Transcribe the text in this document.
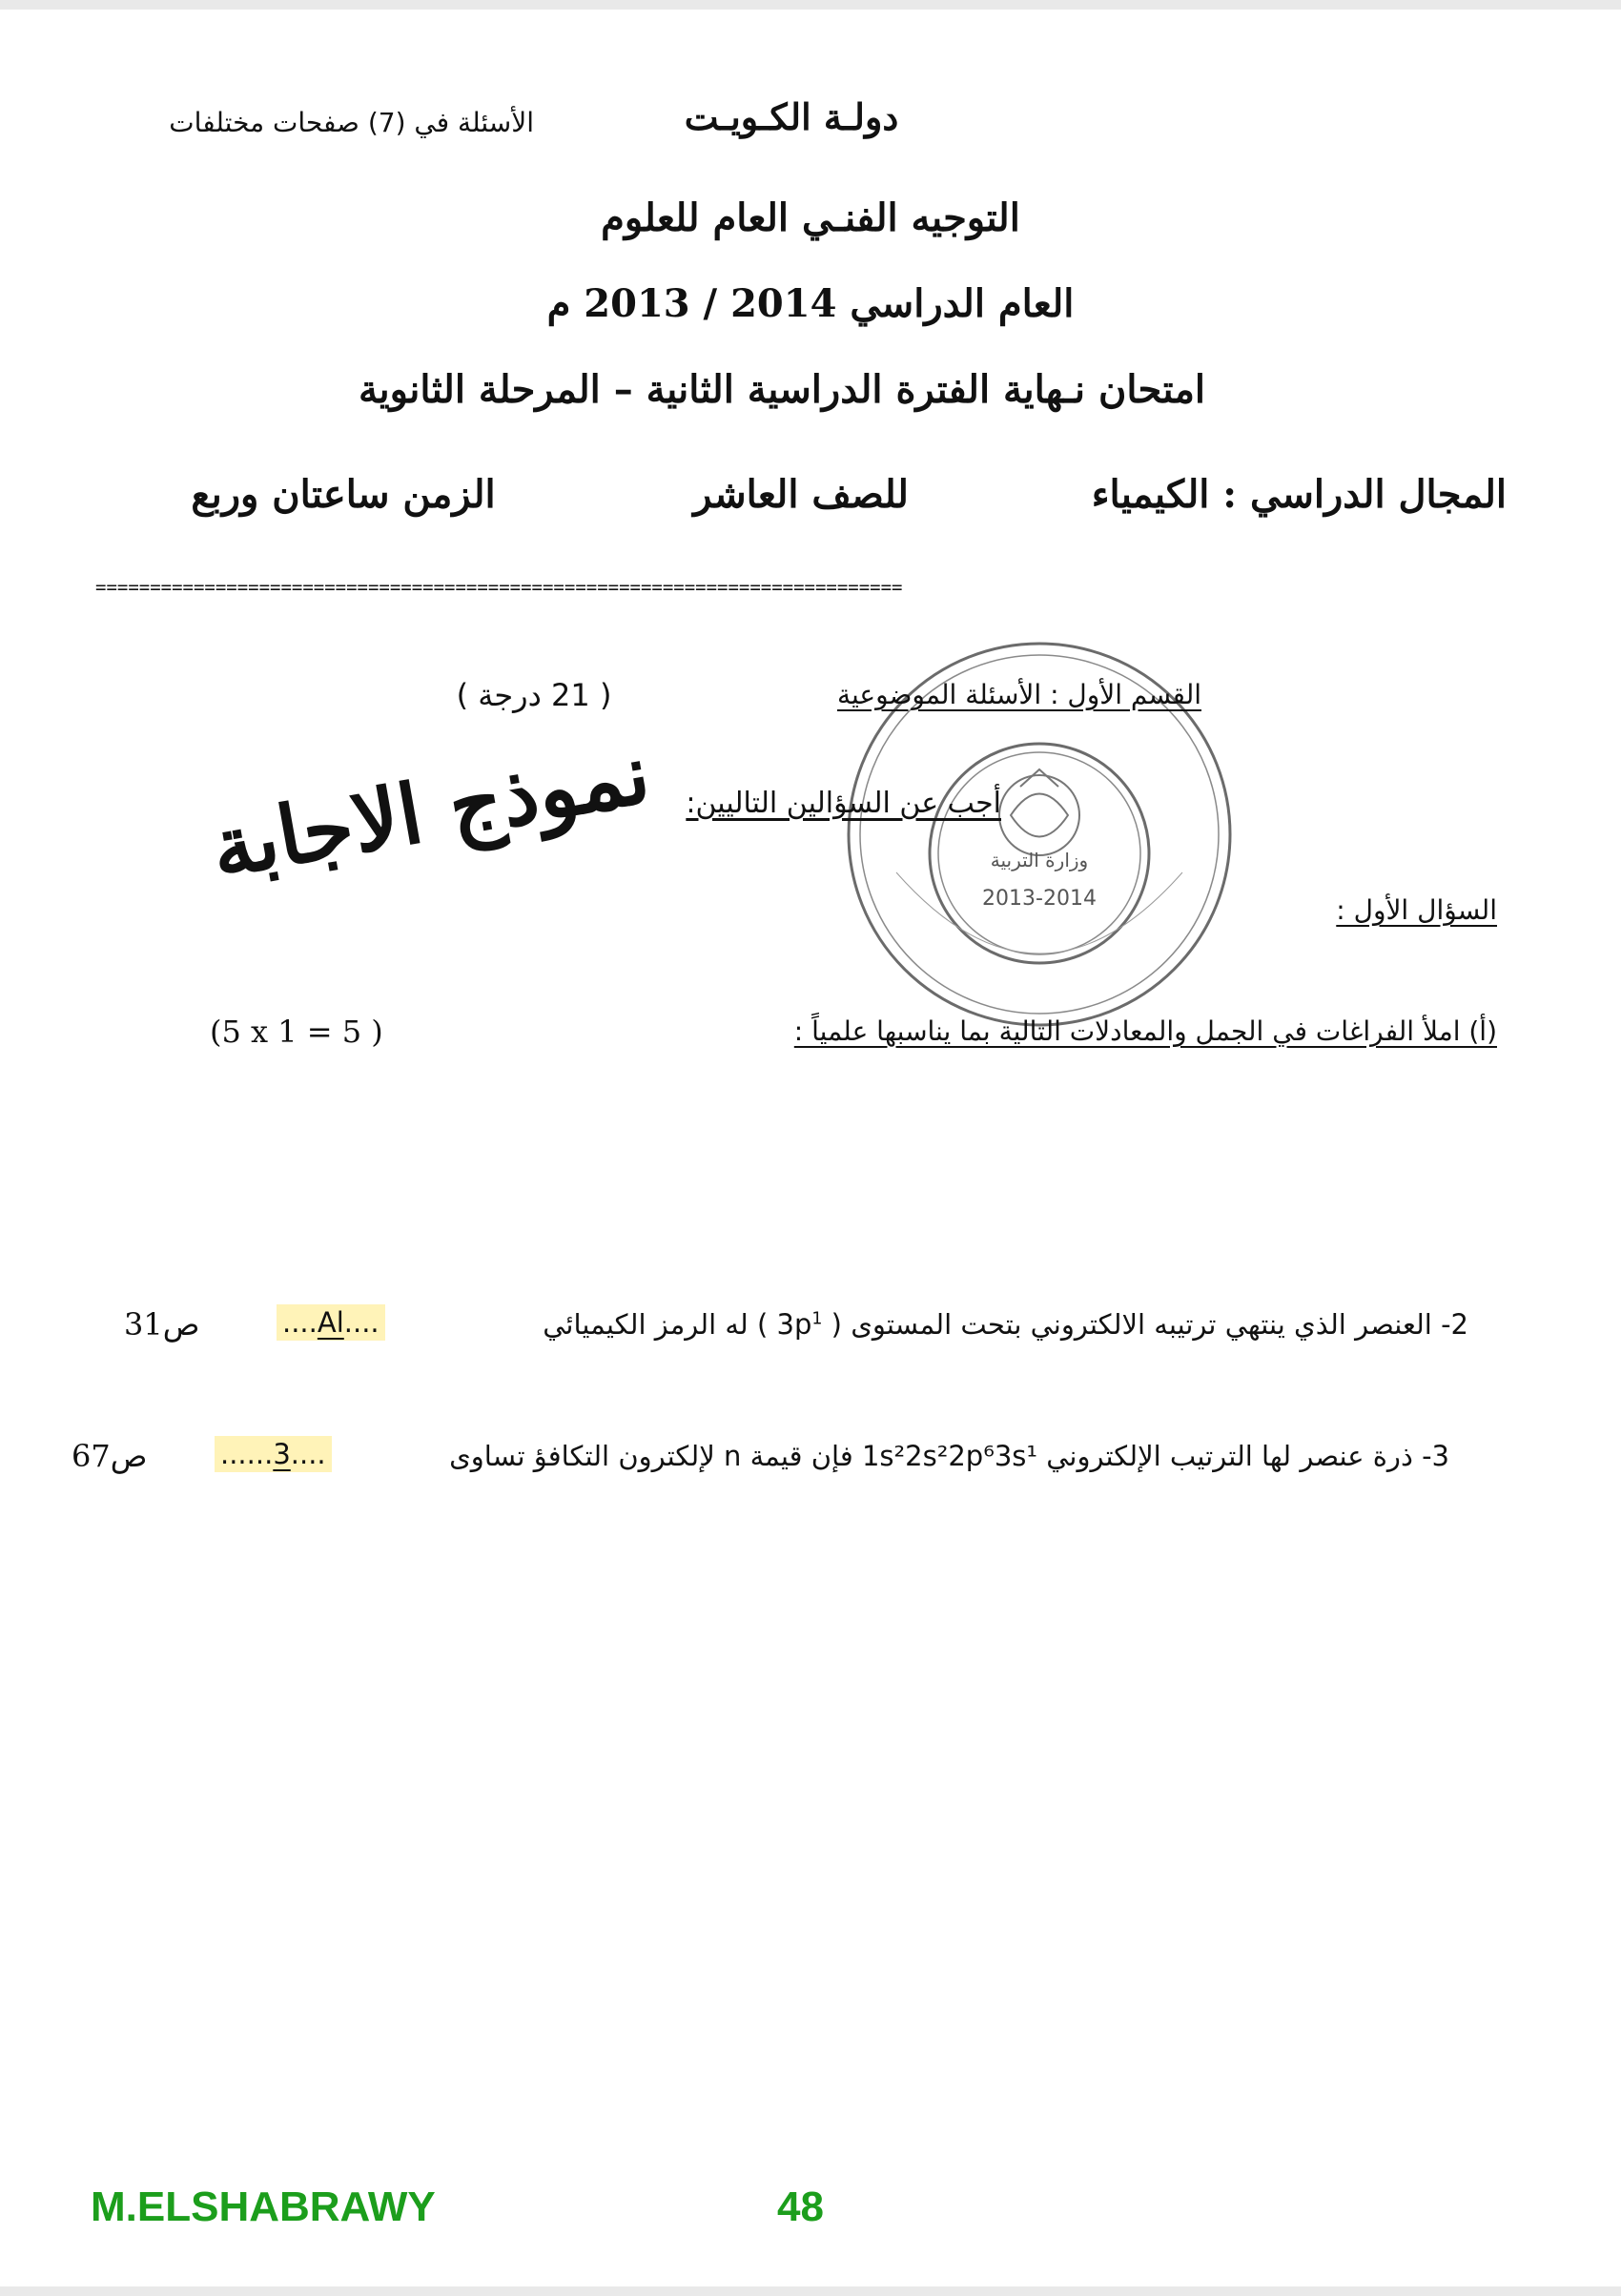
دولـة الكـويـت
الأسئلة في (7) صفحات مختلفات
التوجيه الفنـي العام للعلوم
العام الدراسي 2013 / 2014 م
امتحان نـهاية الفترة الدراسية الثانية – المرحلة الثانوية
المجال الدراسي : الكيمياء
للصف العاشر
الزمن ساعتان وربع
==========================================================================
2013-2014
وزارة التربية
القسم الأول : الأسئلة الموضوعية
( 21 درجة )
نموذج الاجابة	أجب عن السؤالين التاليين:
السؤال الأول :
(أ) املأ الفراغات في الجمل والمعادلات التالية بما يناسبها علمياً :
(5 x 1 = 5 )
2- العنصر الذي ينتهي ترتيبه الالكتروني بتحت المستوى ( $3p^1$ ) له الرمز الكيميائي
....Al....
ص31
3- ذرة عنصر لها الترتيب الإلكتروني 1s²2s²2p⁶3s¹ فإن قيمة n لإلكترون التكافؤ تساوى
......3....
ص67
M.ELSHABRAWY	48
